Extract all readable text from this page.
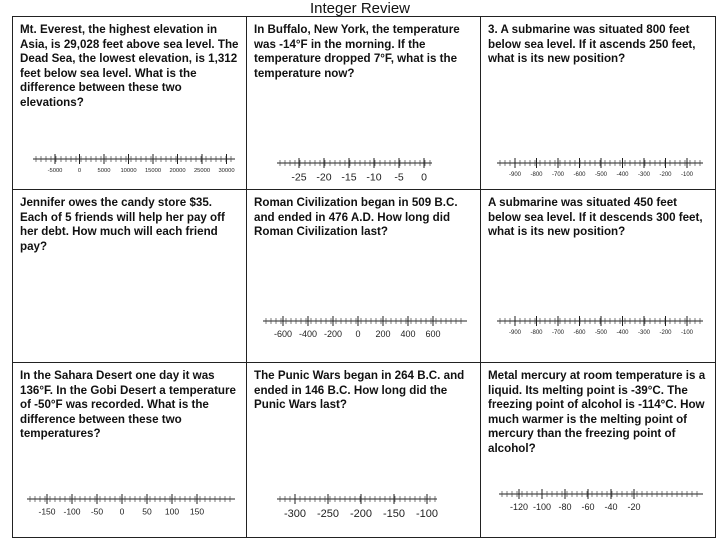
Integer Review
Mt. Everest, the highest elevation in Asia, is 29,028 feet above sea level. The Dead Sea, the lowest elevation, is 1,312 feet below sea level. What is the difference between these two elevations?
-5000	0	5000 10000 15000 20000 25000 30000
In Buffalo, New York, the temperature was -14°F in the morning. If the temperature dropped 7°F, what is the temperature now?
-25 -20 -15 -10 -5 0
3. A submarine was situated 800 feet below sea level. If it ascends 250 feet, what is its new position?
-900 -800 -700 -600 -500 -400 -300 -200 -100
Jennifer owes the candy store $35. Each of 5 friends will help her pay off her debt. How much will each friend pay?
Roman Civilization began in 509 B.C. and ended in 476 A.D. How long did Roman Civilization last?
-600 -400 -200 0 200 400 600
A submarine was situated 450 feet below sea level. If it descends 300 feet, what is its new position?
-900 -800 -700 -600 -500 -400 -300 -200 -100
In the Sahara Desert one day it was 136°F. In the Gobi Desert a temperature of -50°F was recorded. What is the difference between these two temperatures?
-150 -100 -50 0 50 100 150
The Punic Wars began in 264 B.C. and ended in 146 B.C. How long did the Punic Wars last?
-300 -250 -200 -150 -100
Metal mercury at room temperature is a liquid. Its melting point is -39°C. The freezing point of alcohol is -114°C. How much warmer is the melting point of mercury than the freezing point of alcohol?
-120 -100 -80 -60 -40 -20
